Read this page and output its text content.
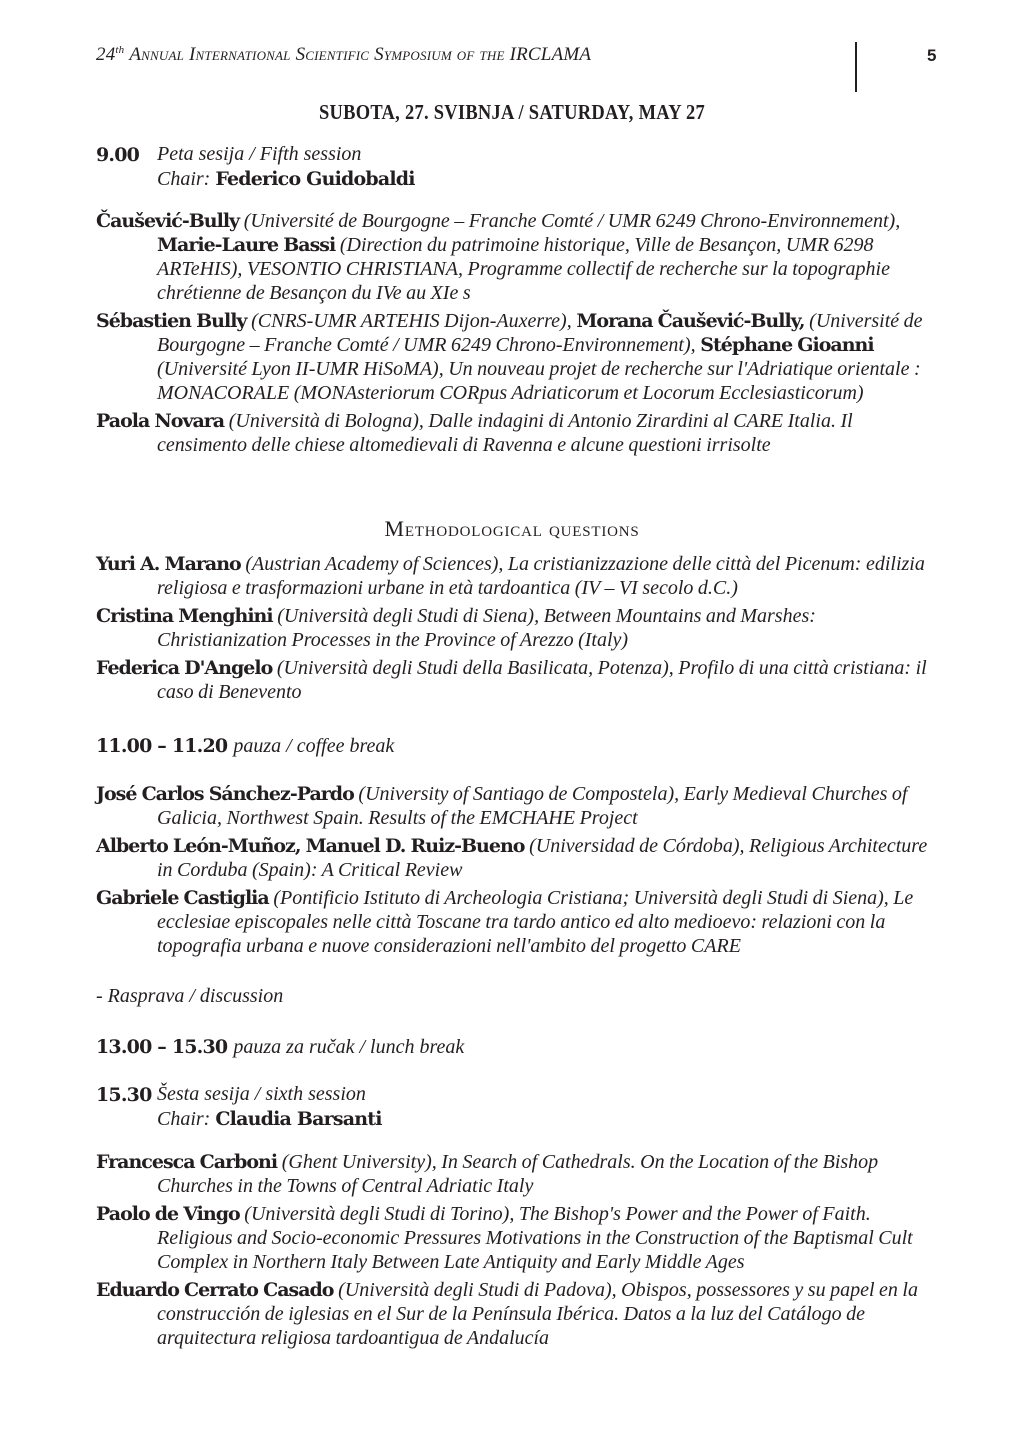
24th Annual International Scientific Symposium of the IRCLAMA	5
SUBOTA, 27. SVIBNJA / SATURDAY, MAY 27
9.00 Peta sesija / Fifth session
Chair: Federico Guidobaldi

Čaušević-Bully (Université de Bourgogne – Franche Comté / UMR 6249 Chrono-Environnement), Marie-Laure Bassi (Direction du patrimoine historique, Ville de Besançon, UMR 6298 ARTeHIS), VESONTIO CHRISTIANA, Programme collectif de recherche sur la topographie chrétienne de Besançon du IVe au XIe s

Sébastien Bully (CNRS-UMR ARTEHIS Dijon-Auxerre), Morana Čaušević-Bully, (Université de Bourgogne – Franche Comté / UMR 6249 Chrono-Environnement), Stéphane Gioanni (Université Lyon II-UMR HiSoMA), Un nouveau projet de recherche sur l'Adriatique orientale : MONACORALE (MONAsteriorum CORpus Adriaticorum et Locorum Ecclesiasticorum)

Paola Novara (Università di Bologna), Dalle indagini di Antonio Zirardini al CARE Italia. Il censimento delle chiese altomedievali di Ravenna e alcune questioni irrisolte

Methodological questions

Yuri A. Marano (Austrian Academy of Sciences), La cristianizzazione delle città del Picenum: edilizia religiosa e trasformazioni urbane in età tardoantica (IV – VI secolo d.C.)

Cristina Menghini (Università degli Studi di Siena), Between Mountains and Marshes: Christianization Processes in the Province of Arezzo (Italy)

Federica D'Angelo (Università degli Studi della Basilicata, Potenza), Profilo di una città cristiana: il caso di Benevento

11.00 – 11.20 pauza / coffee break

José Carlos Sánchez-Pardo (University of Santiago de Compostela), Early Medieval Churches of Galicia, Northwest Spain. Results of the EMCHAHE Project

Alberto León-Muñoz, Manuel D. Ruiz-Bueno (Universidad de Córdoba), Religious Architecture in Corduba (Spain): A Critical Review

Gabriele Castiglia (Pontificio Istituto di Archeologia Cristiana; Università degli Studi di Siena), Le ecclesiae episcopales nelle città Toscane tra tardo antico ed alto medioevo: relazioni con la topografia urbana e nuove considerazioni nell'ambito del progetto CARE

- Rasprava / discussion
13.00 – 15.30 pauza za ručak / lunch break
15.30 Šesta sesija / sixth session
Chair: Claudia Barsanti

Francesca Carboni (Ghent University), In Search of Cathedrals. On the Location of the Bishop Churches in the Towns of Central Adriatic Italy

Paolo de Vingo (Università degli Studi di Torino), The Bishop's Power and the Power of Faith. Religious and Socio-economic Pressures Motivations in the Construction of the Baptismal Cult Complex in Northern Italy Between Late Antiquity and Early Middle Ages

Eduardo Cerrato Casado (Università degli Studi di Padova), Obispos, possessores y su papel en la construcción de iglesias en el Sur de la Península Ibérica. Datos a la luz del Catálogo de arquitectura religiosa tardoantigua de Andalucía
